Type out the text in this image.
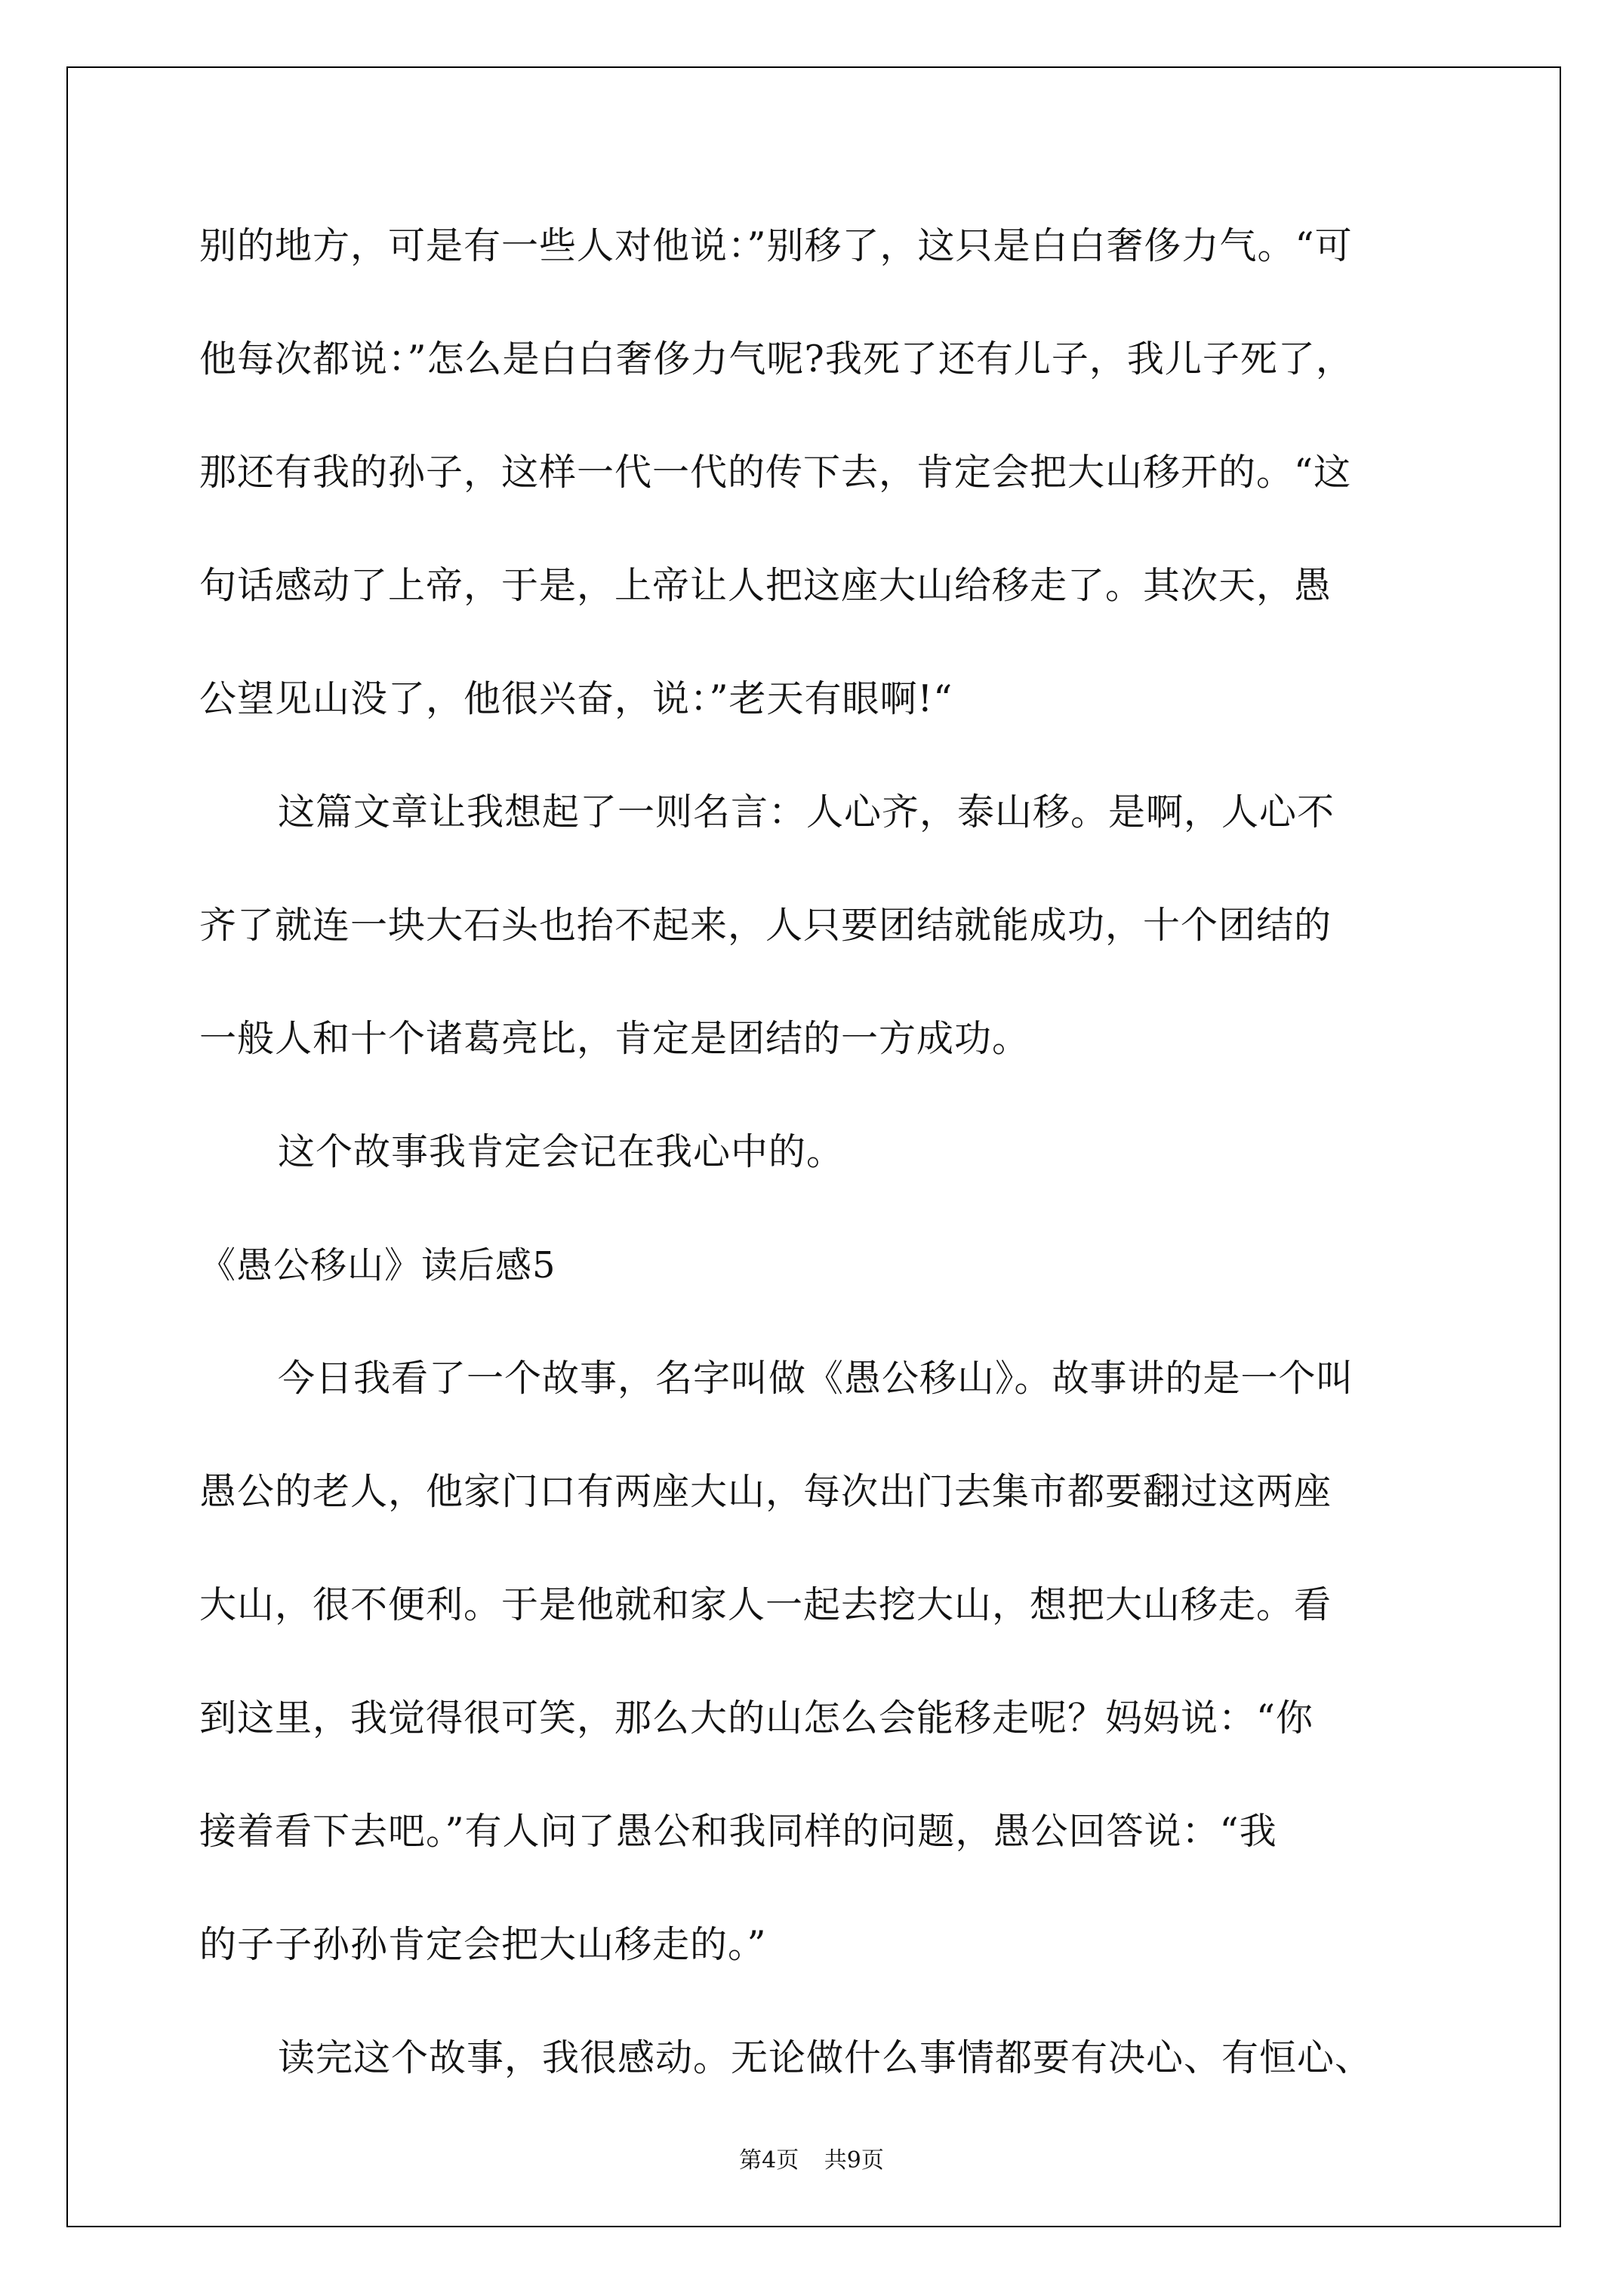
别的地方，可是有一些人对他说：”别移了，这只是白白奢侈力气。“可
他每次都说：”怎么是白白奢侈力气呢?我死了还有儿子，我儿子死了，
那还有我的孙子，这样一代一代的传下去，肯定会把大山移开的。“这
句话感动了上帝，于是，上帝让人把这座大山给移走了。其次天，愚
公望见山没了，他很兴奋，说：”老天有眼啊!“
这篇文章让我想起了一则名言：人心齐，泰山移。是啊，人心不
齐了就连一块大石头也抬不起来，人只要团结就能成功，十个团结的
一般人和十个诸葛亮比，肯定是团结的一方成功。
这个故事我肯定会记在我心中的。
《愚公移山》读后感5
今日我看了一个故事，名字叫做《愚公移山》。故事讲的是一个叫
愚公的老人，他家门口有两座大山，每次出门去集市都要翻过这两座
大山，很不便利。于是他就和家人一起去挖大山，想把大山移走。看
到这里，我觉得很可笑，那么大的山怎么会能移走呢？妈妈说：“你
接着看下去吧。”有人问了愚公和我同样的问题，愚公回答说：“我
的子子孙孙肯定会把大山移走的。”
读完这个故事，我很感动。无论做什么事情都要有决心、有恒心、
第4页 共9页
